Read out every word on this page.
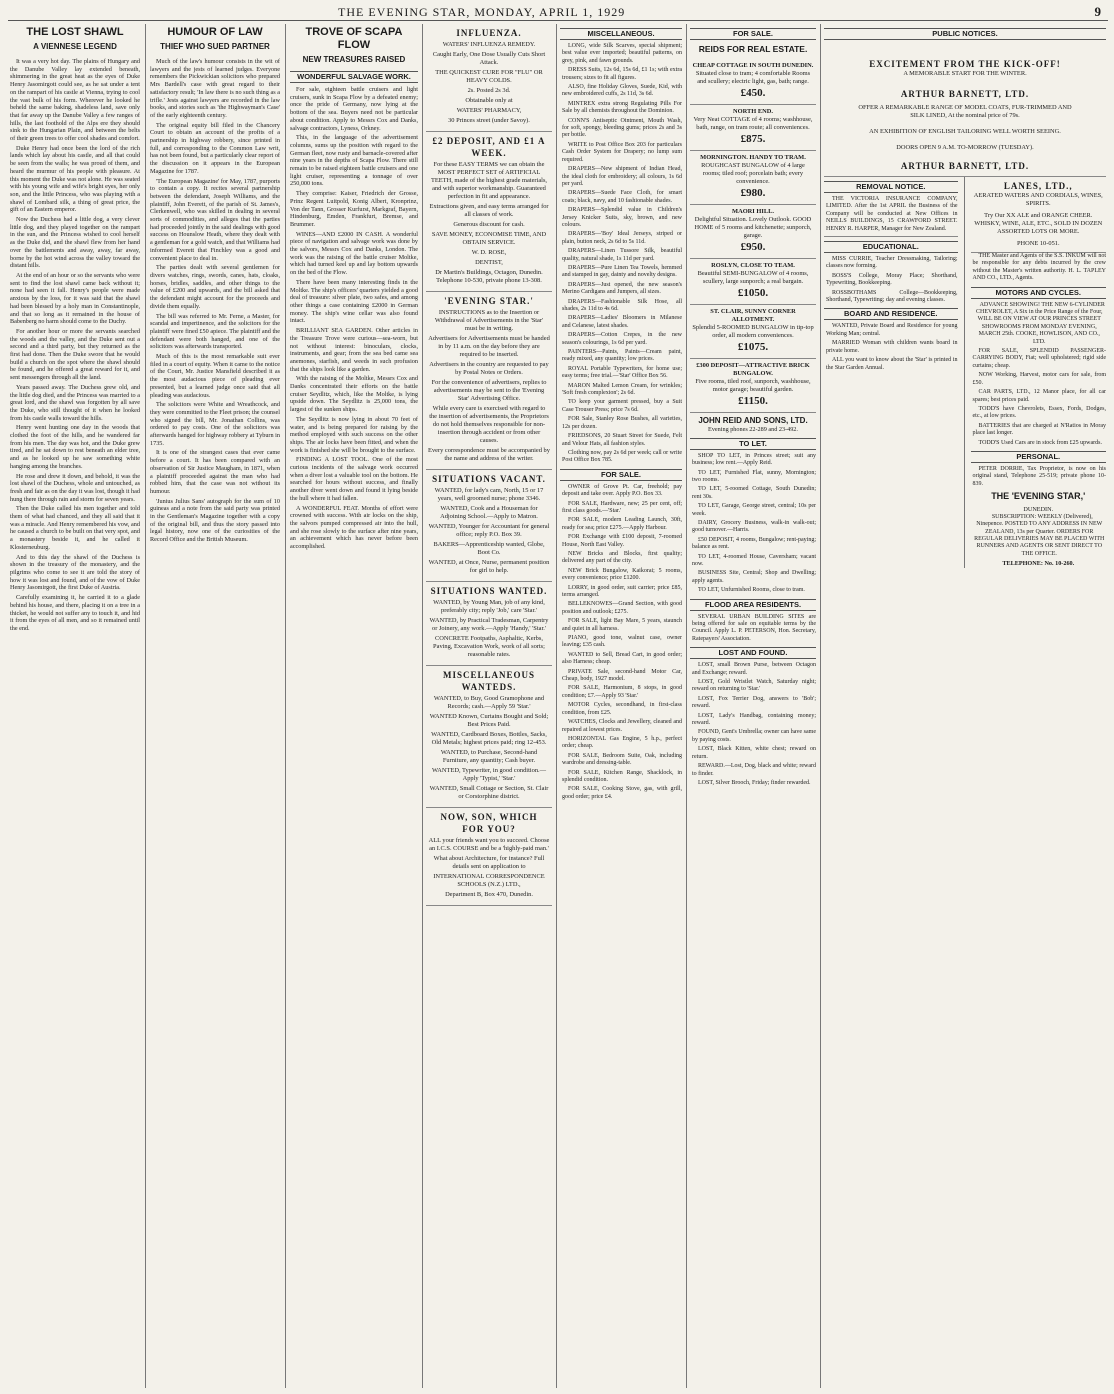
THE EVENING STAR, MONDAY, APRIL 1, 1929	9
THE LOST SHAWL
A VIENNESE LEGEND

It was a very hot day. The plains of Hungary and the Danube Valley lay extended beneath, shimmering in the great heat as the eyes of Duke Henry Jasomirgott could see, as he sat under a tent on the rampart of his castle at Vienna, trying to cool the vast bulk of his form. Wherever he looked he beheld the same baking, shadeless land, save only that far away up the Danube Valley a few ranges of hills, the last foothold of the Alps ere they should sink to the Hungarian Plain, and between the belts of their green trees to offer cool shades and comfort.

Duke Henry had once been the lord of the rich lands which lay about his castle, and all that could be seen from the walls; he was proud of them, and heard the murmur of his people with pleasure. At this moment the Duke was not alone. He was seated with his young wife and wife's bright eyes, her only son, and the little Princess, who was playing with a shawl of Lombard silk, a thing of great price, the gift of an Eastern emperor.

Now the Duchess had a little dog, a very clever little dog, and they played together on the rampart in the sun, and the Princess wished to cool herself as the Duke did, and the shawl flew from her hand over the battlements and away, away, far away, borne by the hot wind across the valley toward the distant hills.

At the end of an hour or so the servants who were sent to find the lost shawl came back without it; none had seen it fall. Henry's people were made anxious by the loss, for it was said that the shawl had been blessed by a holy man in Constantinople, and that so long as it remained in the house of Babenberg no harm should come to the Duchy.

For another hour or more the servants searched the woods and the valley, and the Duke sent out a second and a third party, but they returned as the first had done. Then the Duke swore that he would build a church on the spot where the shawl should be found, and he offered a great reward for it, and sent messengers through all the land.

Years passed away. The Duchess grew old, and the little dog died, and the Princess was married to a great lord, and the shawl was forgotten by all save the Duke, who still thought of it when he looked from his castle walls toward the hills.

Henry went hunting one day in the woods that clothed the foot of the hills, and he wandered far from his men. The day was hot, and the Duke grew tired, and he sat down to rest beneath an elder tree, and as he looked up he saw something white hanging among the branches.

He rose and drew it down, and behold, it was the lost shawl of the Duchess, whole and untouched, as fresh and fair as on the day it was lost, though it had hung there through rain and storm for seven years.

Then the Duke called his men together and told them of what had chanced, and they all said that it was a miracle. And Henry remembered his vow, and he caused a church to be built on that very spot, and a monastery beside it, and he called it Klosterneuburg.

And to this day the shawl of the Duchess is shown in the treasury of the monastery, and the pilgrims who come to see it are told the story of how it was lost and found, and of the vow of Duke Henry Jasomirgott, the first Duke of Austria.

Carefully examining it, he carried it to a glade behind his house, and there, placing it on a tree in a thicket, he would not suffer any to touch it, and hid it from the eyes of all men, and so it remained until the end.

HUMOUR OF LAW
THIEF WHO SUED PARTNER

Much of the law's humour consists in the wit of lawyers and the jests of learned judges. Everyone remembers the Pickwickian solicitors who prepared Mrs Bardell's case with great regard to their satisfactory result; 'In law there is no such thing as a trifle.' Jests against lawyers are recorded in the law books, and stories such as 'the Highwayman's Case' of the early eighteenth century.

The original equity bill filed in the Chancery Court to obtain an account of the profits of a partnership in highway robbery, since printed in full, and corresponding to the Common Law writ, has not been found, but a particularly clear report of the discussion on it appears in the European Magazine for 1787.

'The European Magazine' for May, 1787, purports to contain a copy. It recites several partnership between the defendant, Joseph Williams, and the plaintiff, John Everett, of the parish of St. James's, Clerkenwell, who was skilled in dealing in several sorts of commodities, and alleges that the parties had proceeded jointly in the said dealings with good success on Hounslow Heath, where they dealt with a gentleman for a gold watch, and that Williams had informed Everett that Finchley was a good and convenient place to deal in.

The parties dealt with several gentlemen for divers watches, rings, swords, canes, hats, cloaks, horses, bridles, saddles, and other things to the value of £200 and upwards, and the bill asked that the defendant might account for the proceeds and divide them equally.

The bill was referred to Mr. Ferne, a Master, for scandal and impertinence, and the solicitors for the plaintiff were fined £50 apiece. The plaintiff and the defendant were both hanged, and one of the solicitors was afterwards transported.

Much of this is the most remarkable suit ever filed in a court of equity. When it came to the notice of the Court, Mr. Justice Mansfield described it as the most audacious piece of pleading ever presented, but a learned judge once said that all pleading was audacious.

The solicitors were White and Wreathcock, and they were committed to the Fleet prison; the counsel who signed the bill, Mr. Jonathan Collins, was ordered to pay costs. One of the solicitors was afterwards hanged for highway robbery at Tyburn in 1735.

It is one of the strangest cases that ever came before a court. It has been compared with an observation of Sir Justice Maugham, in 1871, when a plaintiff proceeded against the man who had robbed him, that the case was not without its humour.

'Junius Julius Sans' autograph for the sum of 10 guineas and a note from the said party was printed in the Gentleman's Magazine together with a copy of the original bill, and thus the story passed into legal history, now one of the curiosities of the Record Office and the British Museum.

TROVE OF SCAPA FLOW
NEW TREASURES RAISED
WONDERFUL SALVAGE WORK.

For sale, eighteen battle cruisers and light cruisers, sunk in Scapa Flow by a defeated enemy; once the pride of Germany, now lying at the bottom of the sea. Buyers need not be particular about condition. Apply to Messrs Cox and Danks, salvage contractors, Lyness, Orkney.

This, in the language of the advertisement columns, sums up the position with regard to the German fleet, now rusty and barnacle-covered after nine years in the depths of Scapa Flow. There still remain to be raised eighteen battle cruisers and one light cruiser, representing a tonnage of over 250,000 tons.

They comprise: Kaiser, Friedrich der Grosse, Prinz Regent Luitpold, Konig Albert, Kronprinz, Von der Tann, Grosser Kurfurst, Markgraf, Bayern, Hindenburg, Emden, Frankfurt, Bremse, and Brummer.

WINES—AND £2000 IN CASH. A wonderful piece of navigation and salvage work was done by the salvors, Messrs Cox and Danks, London. The work was the raising of the battle cruiser Moltke, which had turned keel up and lay bottom upwards on the bed of the Flow.

There have been many interesting finds in the Moltke. The ship's officers' quarters yielded a good deal of treasure: silver plate, two safes, and among other things a case containing £2000 in German money. The ship's wine cellar was also found intact.

BRILLIANT SEA GARDEN. Other articles in the Treasure Trove were curious—sea-worn, but not without interest: binoculars, clocks, instruments, and gear; from the sea bed came sea anemones, starfish, and weeds in such profusion that the ships look like a garden.

With the raising of the Moltke, Messrs Cox and Danks concentrated their efforts on the battle cruiser Seydlitz, which, like the Moltke, is lying upside down. The Seydlitz is 25,000 tons, the largest of the sunken ships.

The Seydlitz is now lying in about 70 feet of water, and is being prepared for raising by the method employed with such success on the other ships. The air locks have been fitted, and when the work is finished she will be brought to the surface.

FINDING A LOST TOOL. One of the most curious incidents of the salvage work occurred when a diver lost a valuable tool on the bottom. He searched for hours without success, and finally another diver went down and found it lying beside the hull where it had fallen.

A WONDERFUL FEAT. Months of effort were crowned with success. With air locks on the ship, the salvors pumped compressed air into the hull, and she rose slowly to the surface after nine years, an achievement which has never before been accomplished.

INFLUENZA.
WATERS' INFLUENZA REMEDY.
Caught Early, One Dose Usually Cuts Short Attack.
THE QUICKEST CURE FOR "FLU" OR HEAVY COLDS.
2s. Posted 2s 3d.
Obtainable only at
WATERS' PHARMACY,
30 Princes street (under Savoy).
£2 DEPOSIT, AND £1 A WEEK.
For these EASY TERMS we can obtain the MOST PERFECT SET of ARTIFICIAL TEETH, made of the highest grade materials, and with superior workmanship. Guaranteed perfection in fit and appearance.
Extractions given, and easy terms arranged for all classes of work.
Generous discount for cash.
SAVE MONEY, ECONOMISE TIME, AND OBTAIN SERVICE.
W. D. ROSE,
DENTIST,
Dr Martin's Buildings, Octagon, Dunedin. Telephone 10-530, private phone 13-308.
'EVENING STAR.'
INSTRUCTIONS as to the Insertion or Withdrawal of Advertisements in the 'Star' must be in writing.
Advertisers for Advertisements must be handed in by 11 a.m. on the day before they are required to be inserted.
Advertisers in the country are requested to pay by Postal Notes or Orders.
For the convenience of advertisers, replies to advertisements may be sent to the 'Evening Star' Advertising Office.
While every care is exercised with regard to the insertion of advertisements, the Proprietors do not hold themselves responsible for non-insertion through accident or from other causes.
Every correspondence must be accompanied by the name and address of the writer.
SITUATIONS VACANT.
WANTED, for lady's cam, North, 15 or 17 years, well groomed nurse; phone 3346.
WANTED, Cook and a Houseman for Adjoining School.—Apply to Matron.
WANTED, Younger for Accountant for general office; reply P.O. Box 39.
BAKERS—Apprenticeship wanted, Globe, Boot Co.
WANTED, at Once, Nurse, permanent position for girl to help.
SITUATIONS WANTED.
WANTED, by Young Man, job of any kind, preferably city; reply 'Job,' care 'Star.'
WANTED, by Practical Tradesman, Carpentry or Joinery, any work.—Apply 'Handy,' 'Star.'
CONCRETE Footpaths, Asphaltic, Kerbs, Paving, Excavation Work, work of all sorts; reasonable rates.
MISCELLANEOUS WANTEDS.
WANTED, to Buy, Good Gramophone and Records; cash.—Apply 59 'Star.'
WANTED Known, Curtains Bought and Sold; Best Prices Paid.
WANTED, Cardboard Boxes, Bottles, Sacks, Old Metals; highest prices paid; ring 12-453.
WANTED, to Purchase, Second-hand Furniture, any quantity; Cash buyer.
WANTED, Typewriter, in good condition.—Apply 'Typist,' 'Star.'
WANTED, Small Cottage or Section, St. Clair or Corstorphine district.
NOW, SON, WHICH FOR YOU?
ALL your friends want you to succeed. Choose an I.C.S. COURSE and be a 'highly-paid man.'
What about Architecture, for instance? Full details sent on application to
INTERNATIONAL CORRESPONDENCE SCHOOLS (N.Z.) LTD.,
Department B, Box 470, Dunedin.
MISCELLANEOUS.

LONG, wide Silk Scarves, special shipment; best value ever imported; beautiful patterns, on grey, pink, and fawn grounds.

DRESS Suits, 12s 6d, 15s 6d, £1 1s; with extra trousers; sizes to fit all figures.

ALSO, fine Holiday Gloves, Suede, Kid, with new embroidered cuffs, 2s 11d, 3s 6d.

MINTREX extra strong Regulating Pills For Sale by all chemists throughout the Dominion.

CONN'S Antiseptic Ointment, Mouth Wash, for soft, spongy, bleeding gums; prices 2s and 3s per bottle.

WRITE to Post Office Box 203 for particulars Cash Order System for Drapery; no lump sum required.

DRAPERS—New shipment of Indian Head, the ideal cloth for embroidery; all colours, 1s 6d per yard.

DRAPERS—Suede Face Cloth, for smart coats; black, navy, and 10 fashionable shades.

DRAPERS—Splendid value in Children's Jersey Knicker Suits, sky, brown, and new colours.

DRAPERS—'Boy' Ideal Jerseys, striped or plain, button neck, 2s 6d to 5s 11d.

DRAPERS—Linen Tussore Silk, beautiful quality, natural shade, 1s 11d per yard.

DRAPERS—Pure Linen Tea Towels, hemmed and stamped in gay, dainty and novelty designs.

DRAPERS—Just opened, the new season's Merino Cardigans and Jumpers, all sizes.

DRAPERS—Fashionable Silk Hose, all shades, 2s 11d to 4s 6d.

DRAPERS—Ladies' Bloomers in Milanese and Celanese, latest shades.

DRAPERS—Cotton Crepes, in the new season's colourings, 1s 6d per yard.

PAINTERS—Paints, Paints—Cream paint, ready mixed, any quantity; low prices.

ROYAL Portable Typewriters, for home use; easy terms; free trial.—'Star' Office Box 56.

MARON Malted Lemon Cream, for wrinkles; 'Soft fresh complexion'; 2s 6d.

TO keep your garment pressed, buy a Suit Case Trouser Press; price 7s 6d.

FOR Sale, Stanley Rose Bushes, all varieties, 12s per dozen.

FRIEDSONS, 20 Stuart Street for Suede, Felt and Velour Hats, all fashion styles.

Clothing now, pay 2s 6d per week; call or write Post Office Box 785.

FOR SALE.

OWNER of Grove Pt. Car, freehold; pay deposit and take over. Apply P.O. Box 33.

FOR SALE, Hardware, new; 25 per cent, off; first class goods.—'Star.'

FOR SALE, modern Leading Launch, 30ft, ready for sea; price £275.—Apply Harbour.

FOR Exchange with £100 deposit, 7-roomed House, North East Valley.

NEW Bricks and Blocks, first quality; delivered any part of the city.

NEW Brick Bungalow, Kaikorai; 5 rooms, every convenience; price £1200.

LORRY, in good order, suit carrier; price £85, terms arranged.

BELLEKNOWES—Grand Section, with good position and outlook; £275.

FOR SALE, light Bay Mare, 5 years, staunch and quiet in all harness.

PIANO, good tone, walnut case, owner leaving; £35 cash.

WANTED to Sell, Bread Cart, in good order; also Harness; cheap.

PRIVATE Sale, second-hand Motor Car, Cheap, body, 1927 model.

FOR SALE, Harmonium, 8 stops, in good condition; £7.—Apply 93 'Star.'

MOTOR Cycles, secondhand, in first-class condition, from £25.

WATCHES, Clocks and Jewellery, cleaned and repaired at lowest prices.

HORIZONTAL Gas Engine, 5 h.p., perfect order; cheap.

FOR SALE, Bedroom Suite, Oak, including wardrobe and dressing-table.

FOR SALE, Kitchen Range, Shacklock, in splendid condition.

FOR SALE, Cooking Stove, gas, with grill, good order; price £4.

FOR SALE.
REIDS FOR REAL ESTATE.
CHEAP COTTAGE IN SOUTH DUNEDIN.
Situated close to tram; 4 comfortable Rooms and scullery; electric light, gas, bath; range.
£450.
NORTH END.
Very Neat COTTAGE of 4 rooms; washhouse, bath, range, on tram route; all conveniences.
£875.
MORNINGTON. HANDY TO TRAM.
ROUGHCAST BUNGALOW of 4 large rooms; tiled roof; porcelain bath; every convenience.
£980.
MAORI HILL.
Delightful Situation. Lovely Outlook. GOOD HOME of 5 rooms and kitchenette; sunporch, garage.
£950.
ROSLYN, CLOSE TO TEAM.
Beautiful SEMI-BUNGALOW of 4 rooms, scullery, large sunporch; a real bargain.
£1050.
ST. CLAIR, SUNNY CORNER ALLOTMENT.
Splendid 5-ROOMED BUNGALOW in tip-top order, all modern conveniences.
£1075.
£300 DEPOSIT—ATTRACTIVE BRICK BUNGALOW.
Five rooms, tiled roof, sunporch, washhouse, motor garage; beautiful garden.
£1150.
JOHN REID AND SONS, LTD.
Evening phones 22-289 and 23-492.
TO LET.

SHOP TO LET, in Princes street; suit any business; low rent.—Apply Reid.

TO LET, Furnished Flat, sunny, Mornington; two rooms.

TO LET, 5-roomed Cottage, South Dunedin; rent 30s.

TO LET, Garage, George street, central; 10s per week.

DAIRY, Grocery Business, walk-in walk-out; good turnover.—Harris.

£50 DEPOSIT, 4 rooms, Bungalow; rent-paying; balance as rent.

TO LET, 4-roomed House, Caversham; vacant now.

BUSINESS Site, Central; Shop and Dwelling; apply agents.

TO LET, Unfurnished Rooms, close to tram.

FLOOD AREA RESIDENTS.

SEVERAL URBAN BUILDING SITES are being offered for sale on equitable terms by the Council. Apply L. P. PETERSON, Hon. Secretary, Ratepayers' Association.

LOST AND FOUND.

LOST, small Brown Purse, between Octagon and Exchange; reward.

LOST, Gold Wristlet Watch, Saturday night; reward on returning to 'Star.'

LOST, Fox Terrier Dog, answers to 'Bob'; reward.

LOST, Lady's Handbag, containing money; reward.

FOUND, Gent's Umbrella; owner can have same by paying costs.

LOST, Black Kitten, white chest; reward on return.

REWARD.—Lost, Dog, black and white; reward to finder.

LOST, Silver Brooch, Friday; finder rewarded.

PUBLIC NOTICES.
EXCITEMENT FROM THE KICK-OFF!
A MEMORABLE START FOR THE WINTER.
ARTHUR BARNETT, LTD.
OFFER A REMARKABLE RANGE OF MODEL COATS, FUR-TRIMMED AND SILK LINED, At the nominal price of 79s.
AN EXHIBITION OF ENGLISH TAILORING WELL WORTH SEEING.
DOORS OPEN 9 A.M. TO-MORROW (TUESDAY).
ARTHUR BARNETT, LTD.
REMOVAL NOTICE.

THE VICTORIA INSURANCE COMPANY, LIMITED. After the 1st APRIL the Business of the Company will be conducted at New Offices in NEILLS BUILDINGS, 15 CRAWFORD STREET. HENRY R. HARPER, Manager for New Zealand.

EDUCATIONAL.

MISS CURRIE, Teacher Dressmaking, Tailoring; classes now forming.

BOSS'S College, Moray Place; Shorthand, Typewriting, Bookkeeping.

ROSSBOTHAMS College—Bookkeeping, Shorthand, Typewriting; day and evening classes.

BOARD AND RESIDENCE.

WANTED, Private Board and Residence for young Working Man; central.

MARRIED Woman with children wants board in private home.

ALL you want to know about the 'Star' is printed in the Star Garden Annual.

LANES, LTD.,
AERATED WATERS AND CORDIALS, WINES, SPIRITS.
Try Our XX ALE and ORANGE CHEER. WHISKY, WINE, ALE, ETC., SOLD IN DOZEN ASSORTED LOTS OR MORE.
PHONE 10-051.

THE Master and Agents of the S.S. INKUM will not be responsible for any debts incurred by the crew without the Master's written authority. H. L. TAPLEY AND CO., LTD., Agents.

MOTORS AND CYCLES.

ADVANCE SHOWING! THE NEW 6-CYLINDER CHEVROLET, A Six in the Price Range of the Four, WILL BE ON VIEW AT OUR PRINCES STREET SHOWROOMS FROM MONDAY EVENING, MARCH 25th. COOKE, HOWLISON, AND CO., LTD.

FOR SALE, SPLENDID PASSENGER-CARRYING BODY, Fiat; well upholstered; rigid side curtains; cheap.

NOW Working, Harvest, motor cars for sale, from £50.

CAR PARTS, LTD., 12 Manor place, for all car spares; best prices paid.

TODD'S have Chevrolets, Essex, Fords, Dodges, etc., at low prices.

BATTERIES that are charged at N'Ratios in Moray place last longer.

TODD'S Used Cars are in stock from £25 upwards.

PERSONAL.

PETER DORRIE, Tax Proprietor, is now on his original stand, Telephone 25-519; private phone 10-839.

THE 'EVENING STAR,'
DUNEDIN.

SUBSCRIPTION: WEEKLY (Delivered), Ninepence. POSTED TO ANY ADDRESS IN NEW ZEALAND, 13s per Quarter. ORDERS FOR REGULAR DELIVERIES MAY BE PLACED WITH RUNNERS AND AGENTS OR SENT DIRECT TO THE OFFICE.

TELEPHONE: No. 10-260.
